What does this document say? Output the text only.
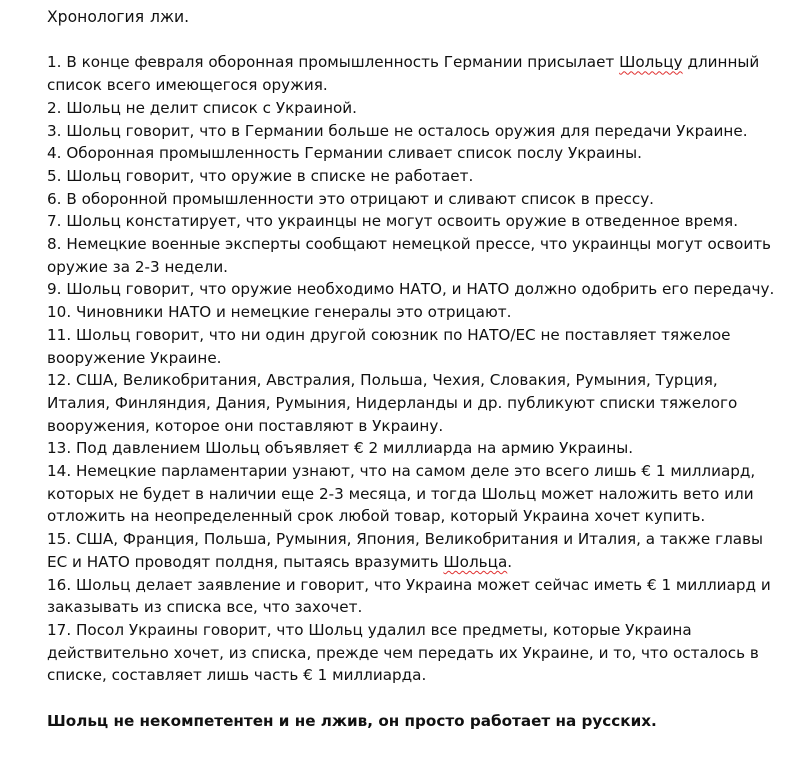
Хронология лжи.

1. В конце февраля оборонная промышленность Германии присылает Шольцу длинный список всего имеющегося оружия.
2. Шольц не делит список с Украиной.
3. Шольц говорит, что в Германии больше не осталось оружия для передачи Украине.
4. Оборонная промышленность Германии сливает список послу Украины.
5. Шольц говорит, что оружие в списке не работает.
6. В оборонной промышленности это отрицают и сливают список в прессу.
7. Шольц констатирует, что украинцы не могут освоить оружие в отведенное время.
8. Немецкие военные эксперты сообщают немецкой прессе, что украинцы могут освоить оружие за 2-3 недели.
9. Шольц говорит, что оружие необходимо НАТО, и НАТО должно одобрить его передачу.
10. Чиновники НАТО и немецкие генералы это отрицают.
11. Шольц говорит, что ни один другой союзник по НАТО/ЕС не поставляет тяжелое вооружение Украине.
12. США, Великобритания, Австралия, Польша, Чехия, Словакия, Румыния, Турция, Италия, Финляндия, Дания, Румыния, Нидерланды и др. публикуют списки тяжелого вооружения, которое они поставляют в Украину.
13. Под давлением Шольц объявляет € 2 миллиарда на армию Украины.
14. Немецкие парламентарии узнают, что на самом деле это всего лишь € 1 миллиард, которых не будет в наличии еще 2-3 месяца, и тогда Шольц может наложить вето или отложить на неопределенный срок любой товар, который Украина хочет купить.
15. США, Франция, Польша, Румыния, Япония, Великобритания и Италия, а также главы ЕС и НАТО проводят полдня, пытаясь вразумить Шольца.
16. Шольц делает заявление и говорит, что Украина может сейчас иметь € 1 миллиард и заказывать из списка все, что захочет.
17. Посол Украины говорит, что Шольц удалил все предметы, которые Украина действительно хочет, из списка, прежде чем передать их Украине, и то, что осталось в списке, составляет лишь часть € 1 миллиарда.

Шольц не некомпетентен и не лжив, он просто работает на русских.
